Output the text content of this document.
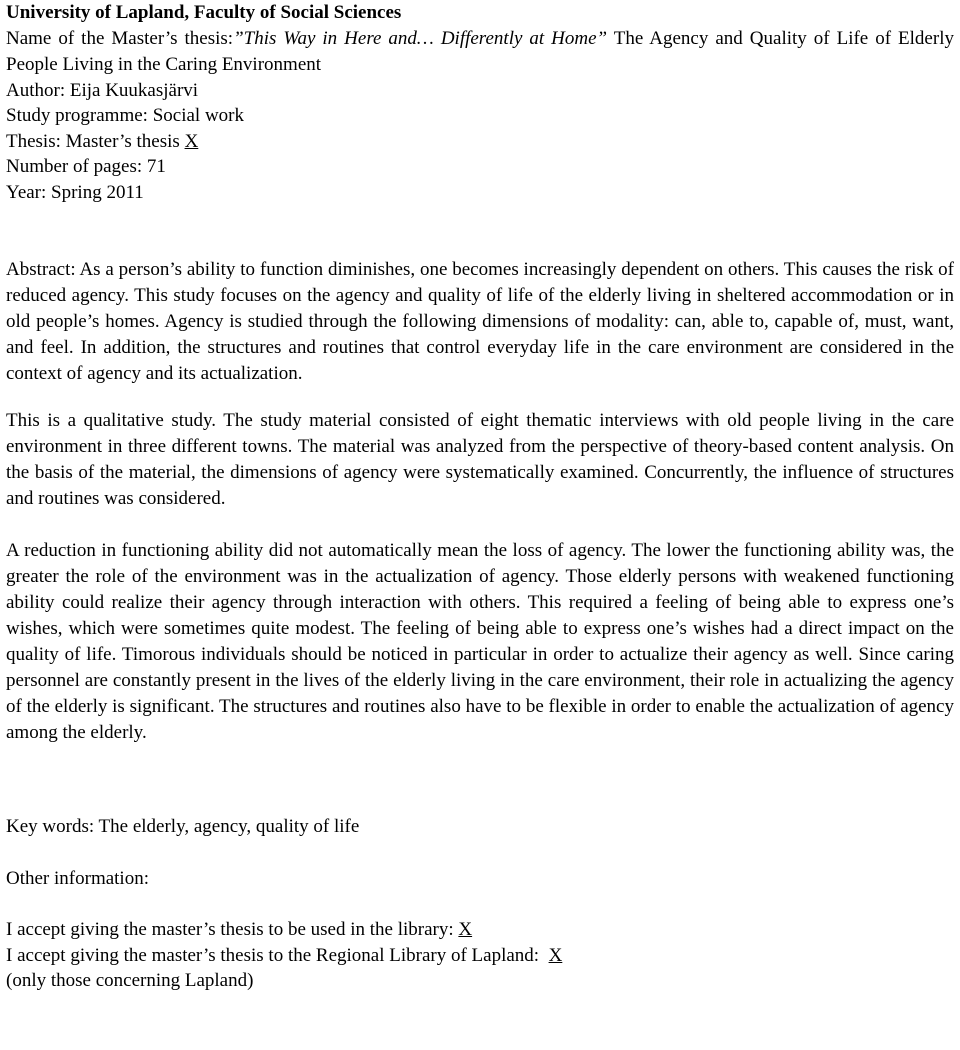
University of Lapland, Faculty of Social Sciences
Name of the Master’s thesis:”This Way in Here and… Differently at Home” The Agency and Quality of Life of Elderly People Living in the Caring Environment
Author: Eija Kuukasjärvi
Study programme: Social work
Thesis: Master’s thesis X
Number of pages: 71
Year: Spring 2011
Abstract: As a person’s ability to function diminishes, one becomes increasingly dependent on others. This causes the risk of reduced agency. This study focuses on the agency and quality of life of the elderly living in sheltered accommodation or in old people’s homes. Agency is studied through the following dimensions of modality: can, able to, capable of, must, want, and feel. In addition, the structures and routines that control everyday life in the care environment are considered in the context of agency and its actualization.
This is a qualitative study. The study material consisted of eight thematic interviews with old people living in the care environment in three different towns. The material was analyzed from the perspective of theory-based content analysis. On the basis of the material, the dimensions of agency were systematically examined. Concurrently, the influence of structures and routines was considered.
A reduction in functioning ability did not automatically mean the loss of agency. The lower the functioning ability was, the greater the role of the environment was in the actualization of agency. Those elderly persons with weakened functioning ability could realize their agency through interaction with others. This required a feeling of being able to express one’s wishes, which were sometimes quite modest. The feeling of being able to express one’s wishes had a direct impact on the quality of life. Timorous individuals should be noticed in particular in order to actualize their agency as well. Since caring personnel are constantly present in the lives of the elderly living in the care environment, their role in actualizing the agency of the elderly is significant. The structures and routines also have to be flexible in order to enable the actualization of agency among the elderly.
Key words: The elderly, agency, quality of life
Other information:
I accept giving the master’s thesis to be used in the library: X
I accept giving the master’s thesis to the Regional Library of Lapland: X
(only those concerning Lapland)
